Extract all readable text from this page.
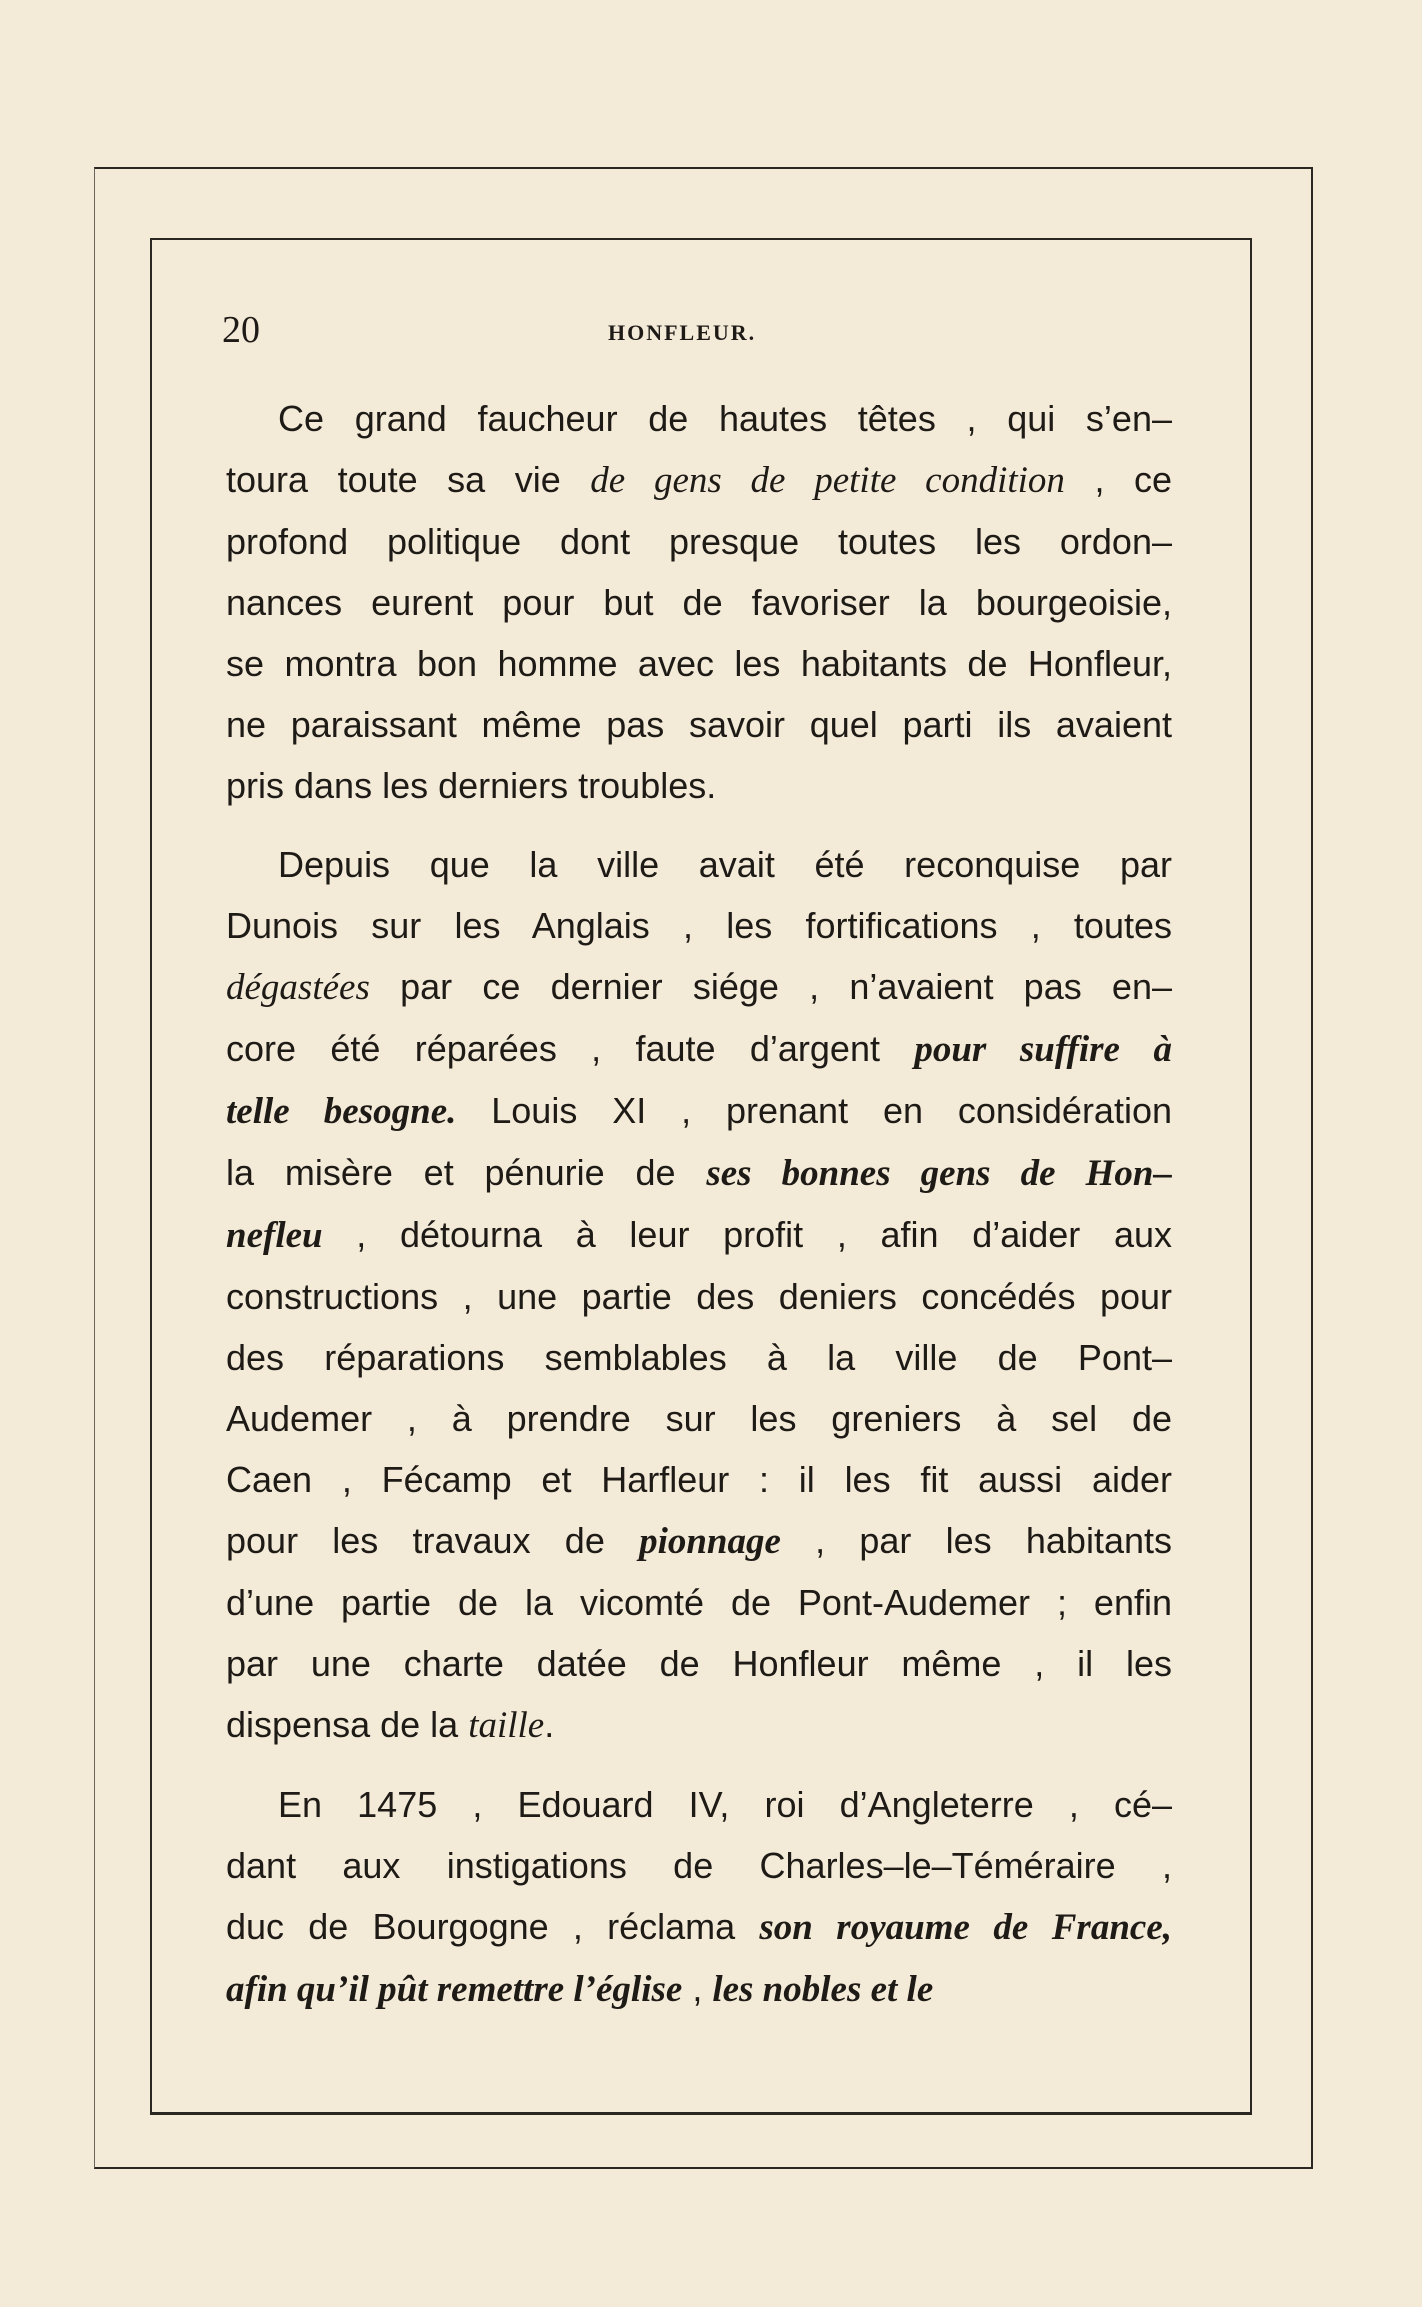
20	HONFLEUR.
Ce grand faucheur de hautes têtes , qui s’en–
toura toute sa vie de gens de petite condition , ce
profond politique dont presque toutes les ordon–
nances eurent pour but de favoriser la bourgeoisie,
se montra bon homme avec les habitants de Honfleur,
ne paraissant même pas savoir quel parti ils avaient
pris dans les derniers troubles.
Depuis que la ville avait été reconquise par
Dunois sur les Anglais , les fortifications , toutes
dégastées par ce dernier siége , n’avaient pas en–
core été réparées , faute d’argent pour suffire à
telle besogne. Louis XI , prenant en considération
la misère et pénurie de ses bonnes gens de Hon–
nefleu , détourna à leur profit , afin d’aider aux
constructions , une partie des deniers concédés pour
des réparations semblables à la ville de Pont–
Audemer , à prendre sur les greniers à sel de
Caen , Fécamp et Harfleur : il les fit aussi aider
pour les travaux de pionnage , par les habitants
d’une partie de la vicomté de Pont-Audemer ; enfin
par une charte datée de Honfleur même , il les
dispensa de la taille.
En 1475 , Edouard IV, roi d’Angleterre , cé–
dant aux instigations de Charles–le–Téméraire ,
duc de Bourgogne , réclama son royaume de France,
afin qu’il pût remettre l’église , les nobles et le
